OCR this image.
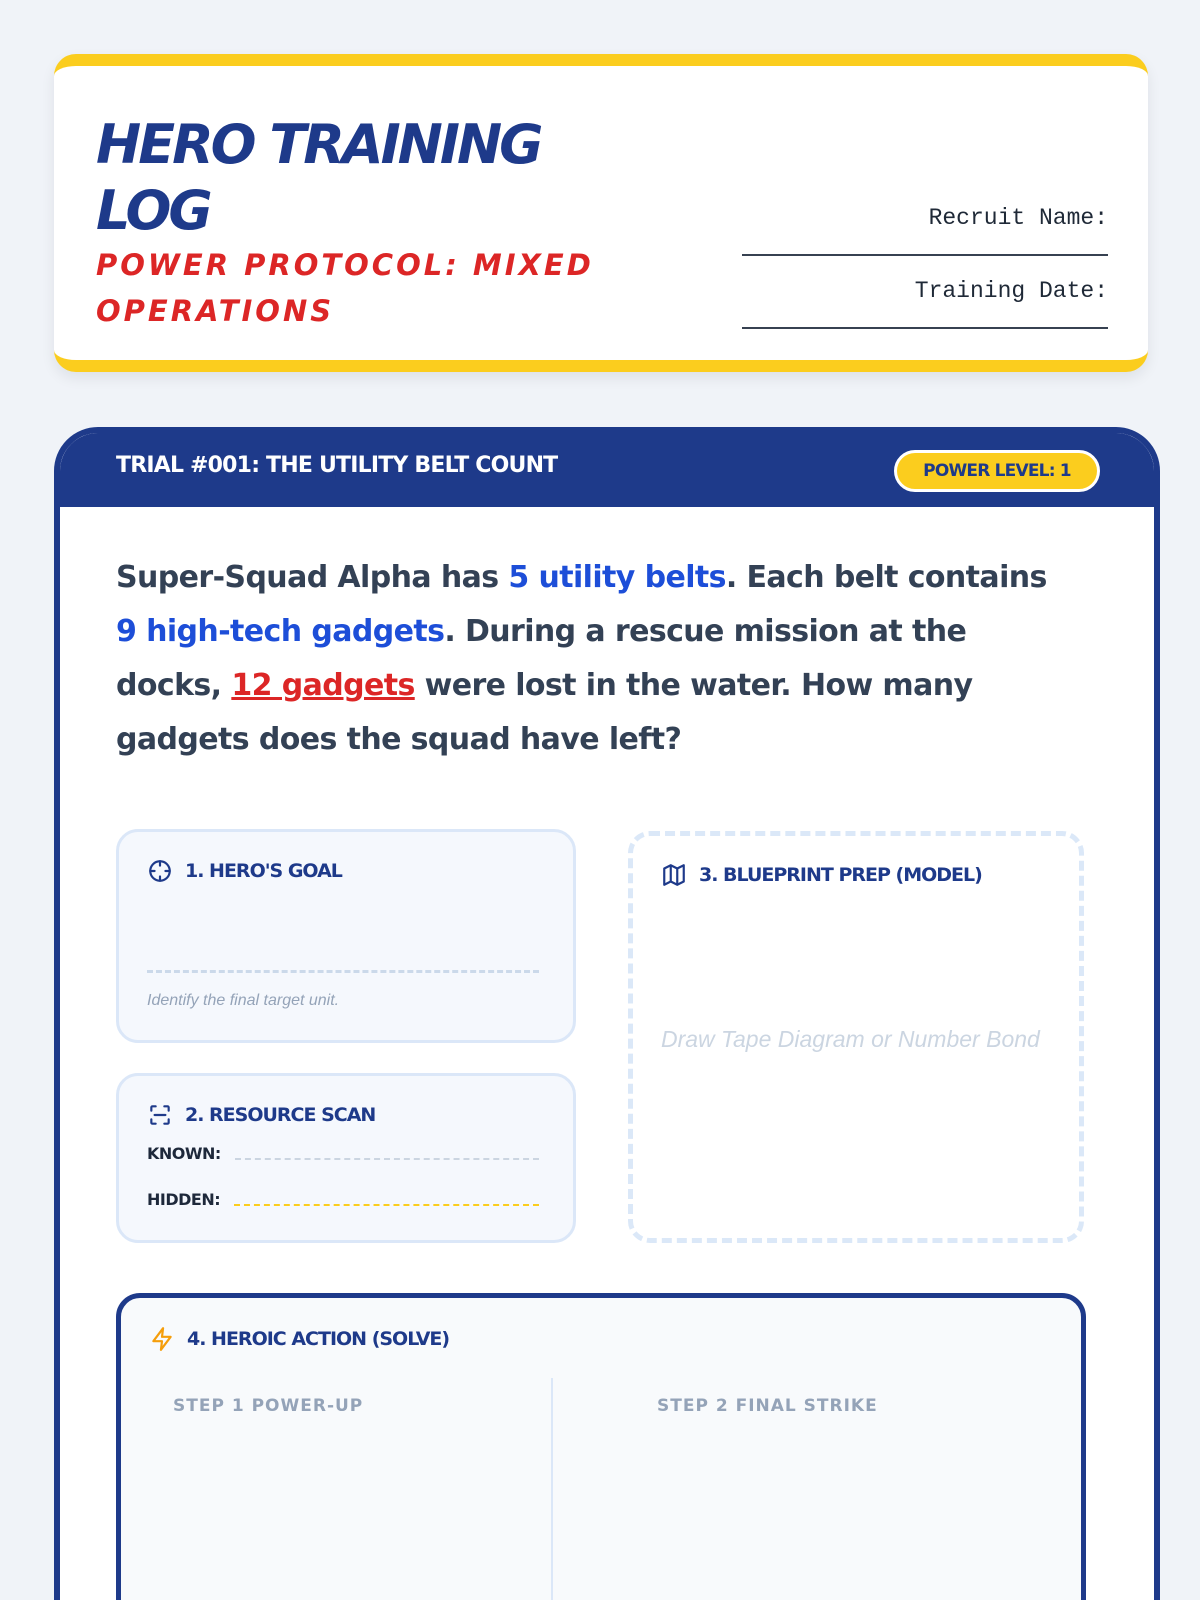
HERO TRAINING LOG
POWER PROTOCOL: MIXED OPERATIONS
Recruit Name:
Training Date:
TRIAL #001: THE UTILITY BELT COUNT	POWER LEVEL: 1

Super-Squad Alpha has 5 utility belts. Each belt contains 9 high-tech gadgets. During a rescue mission at the docks, 12 gadgets were lost in the water. How many gadgets does the squad have left?

1. HERO'S GOAL
Identify the final target unit.
2. RESOURCE SCAN
KNOWN:
HIDDEN:
3. BLUEPRINT PREP (MODEL)
Draw Tape Diagram or Number Bond
4. HEROIC ACTION (SOLVE)
STEP 1 POWER-UP	STEP 2 FINAL STRIKE
